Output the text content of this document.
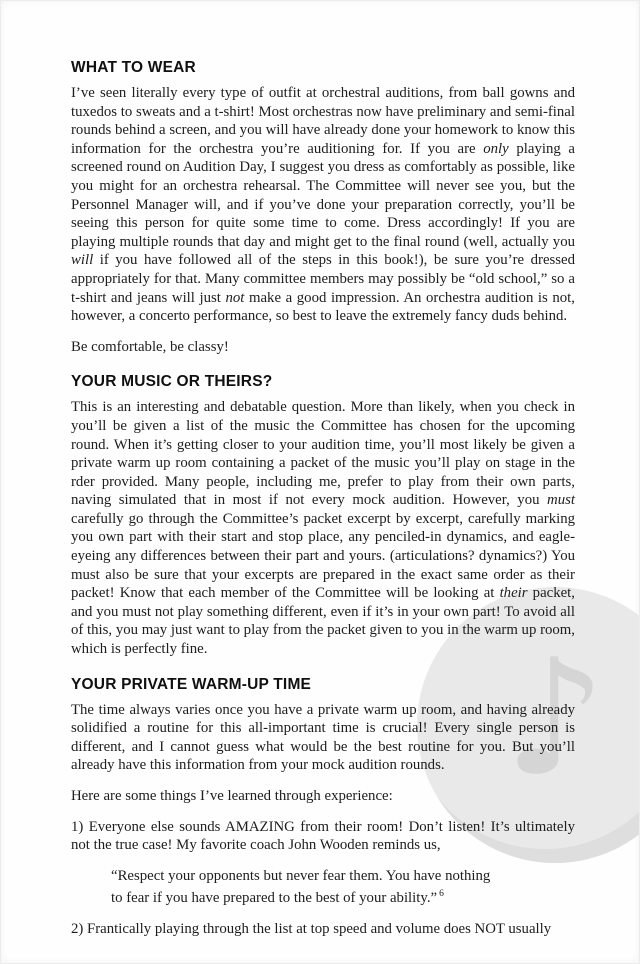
♪
WHAT TO WEAR

I’ve seen literally every type of outfit at orchestral auditions, from ball gowns and tuxedos to sweats and a t-shirt! Most orchestras now have preliminary and semi-final rounds behind a screen, and you will have already done your homework to know this information for the orchestra you’re auditioning for. If you are only playing a screened round on Audition Day, I suggest you dress as comfortably as possible, like you might for an orchestra rehearsal. The Committee will never see you, but the Personnel Manager will, and if you’ve done your preparation correctly, you’ll be seeing this person for quite some time to come. Dress accordingly! If you are playing multiple rounds that day and might get to the final round (well, actually you will if you have followed all of the steps in this book!), be sure you’re dressed appropriately for that. Many committee members may possibly be “old school,” so a t-shirt and jeans will just not make a good impression. An orchestra audition is not, however, a concerto performance, so best to leave the extremely fancy duds behind.

Be comfortable, be classy!

YOUR MUSIC OR THEIRS?

This is an interesting and debatable question. More than likely, when you check in you’ll be given a list of the music the Committee has chosen for the upcoming round. When it’s getting closer to your audition time, you’ll most likely be given a private warm up room containing a packet of the music you’ll play on stage in the rder provided. Many people, including me, prefer to play from their own parts, naving simulated that in most if not every mock audition. However, you must carefully go through the Committee’s packet excerpt by excerpt, carefully marking you own part with their start and stop place, any penciled-in dynamics, and eagle-eyeing any differences between their part and yours. (articulations? dynamics?) You must also be sure that your excerpts are prepared in the exact same order as their packet! Know that each member of the Committee will be looking at their packet, and you must not play something different, even if it’s in your own part! To avoid all of this, you may just want to play from the packet given to you in the warm up room, which is perfectly fine.

YOUR PRIVATE WARM-UP TIME

The time always varies once you have a private warm up room, and having already solidified a routine for this all-important time is crucial! Every single person is different, and I cannot guess what would be the best routine for you. But you’ll already have this information from your mock audition rounds.

Here are some things I’ve learned through experience:

1) Everyone else sounds AMAZING from their room! Don’t listen! It’s ultimately not the true case! My favorite coach John Wooden reminds us,

“Respect your opponents but never fear them. You have nothing to fear if you have prepared to the best of your ability.” $^6$

2) Frantically playing through the list at top speed and volume does NOT usually
